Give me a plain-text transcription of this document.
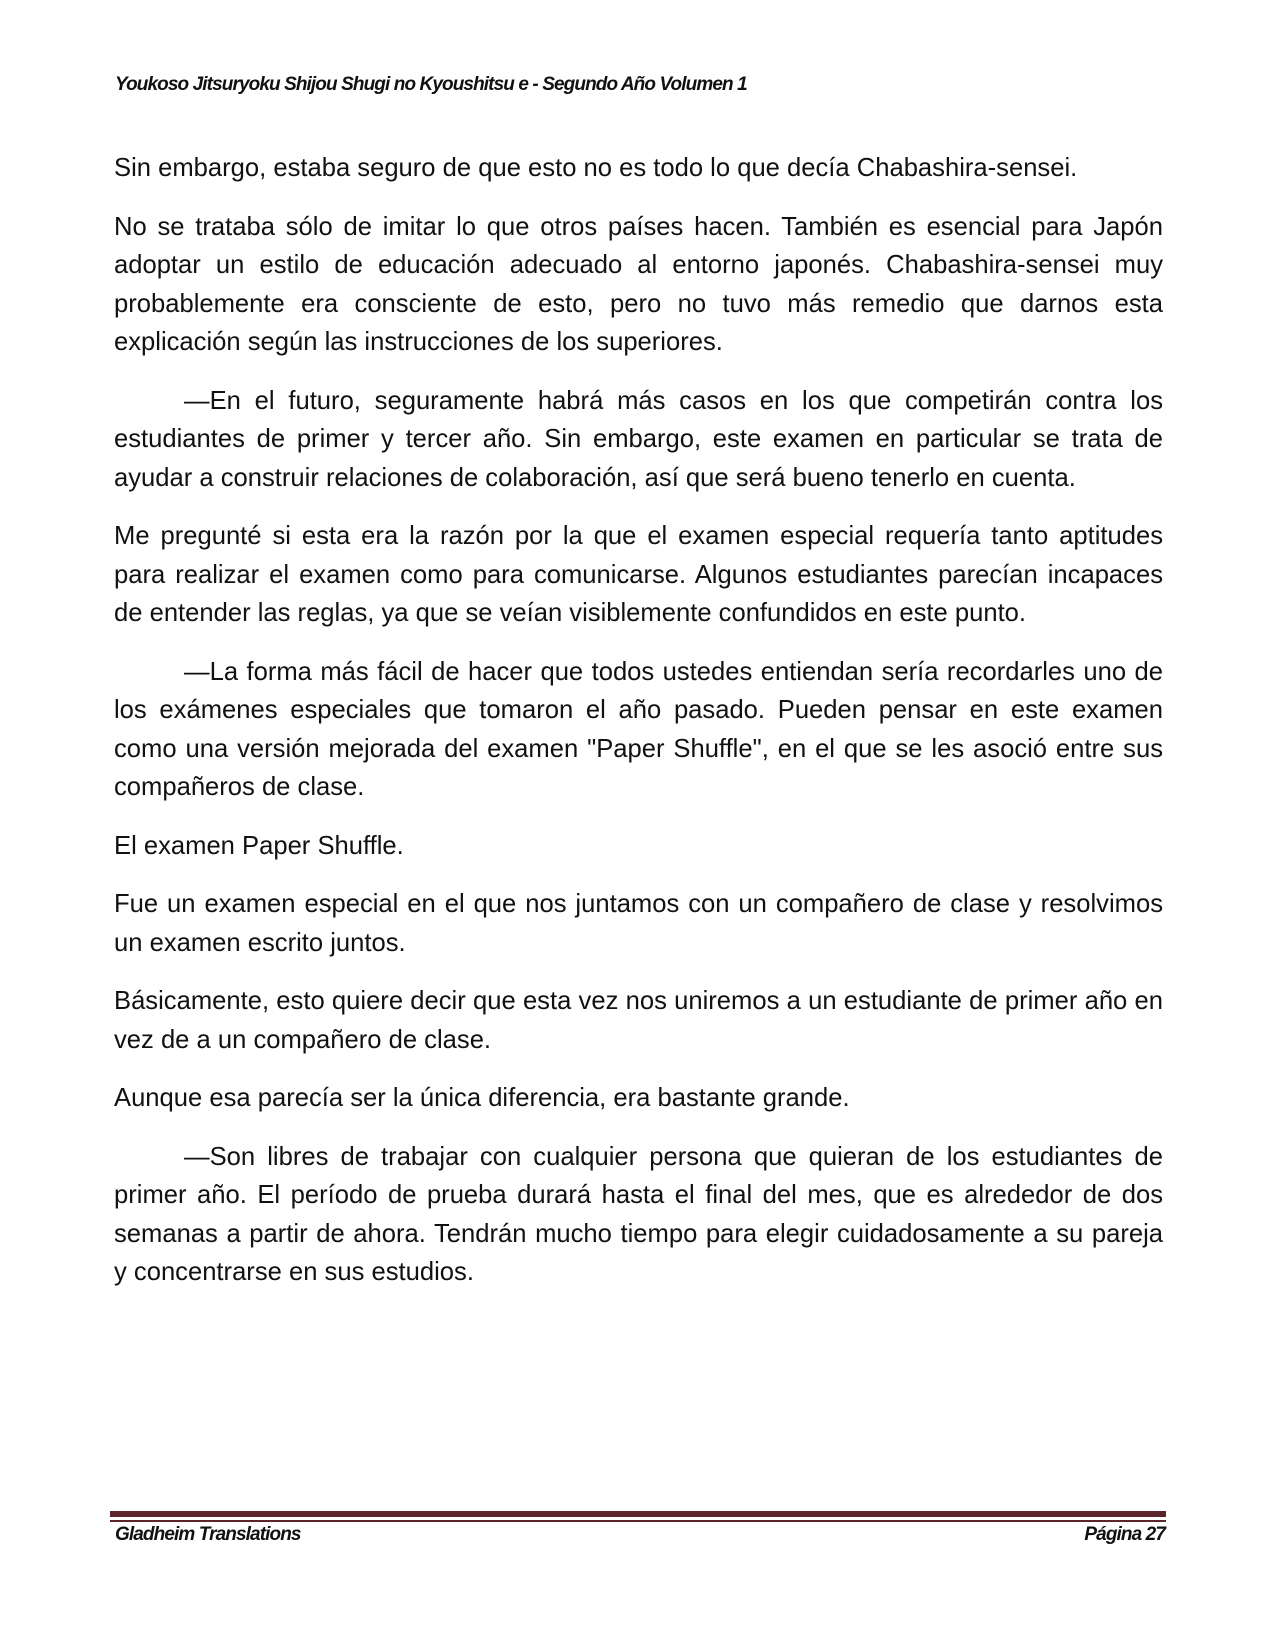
Youkoso Jitsuryoku Shijou Shugi no Kyoushitsu e - Segundo Año Volumen 1

Sin embargo, estaba seguro de que esto no es todo lo que decía Chabashira-sensei.

No se trataba sólo de imitar lo que otros países hacen. También es esencial para Japón adoptar un estilo de educación adecuado al entorno japonés. Chabashira-sensei muy probablemente era consciente de esto, pero no tuvo más remedio que darnos esta explicación según las instrucciones de los superiores.

—En el futuro, seguramente habrá más casos en los que competirán contra los estudiantes de primer y tercer año. Sin embargo, este examen en particular se trata de ayudar a construir relaciones de colaboración, así que será bueno tenerlo en cuenta.

Me pregunté si esta era la razón por la que el examen especial requería tanto aptitudes para realizar el examen como para comunicarse. Algunos estudiantes parecían incapaces de entender las reglas, ya que se veían visiblemente confundidos en este punto.

—La forma más fácil de hacer que todos ustedes entiendan sería recordarles uno de los exámenes especiales que tomaron el año pasado. Pueden pensar en este examen como una versión mejorada del examen "Paper Shuffle", en el que se les asoció entre sus compañeros de clase.

El examen Paper Shuffle.

Fue un examen especial en el que nos juntamos con un compañero de clase y resolvimos un examen escrito juntos.

Básicamente, esto quiere decir que esta vez nos uniremos a un estudiante de primer año en vez de a un compañero de clase.

Aunque esa parecía ser la única diferencia, era bastante grande.

—Son libres de trabajar con cualquier persona que quieran de los estudiantes de primer año. El período de prueba durará hasta el final del mes, que es alrededor de dos semanas a partir de ahora. Tendrán mucho tiempo para elegir cuidadosamente a su pareja y concentrarse en sus estudios.

Gladheim Translations	Página 27
